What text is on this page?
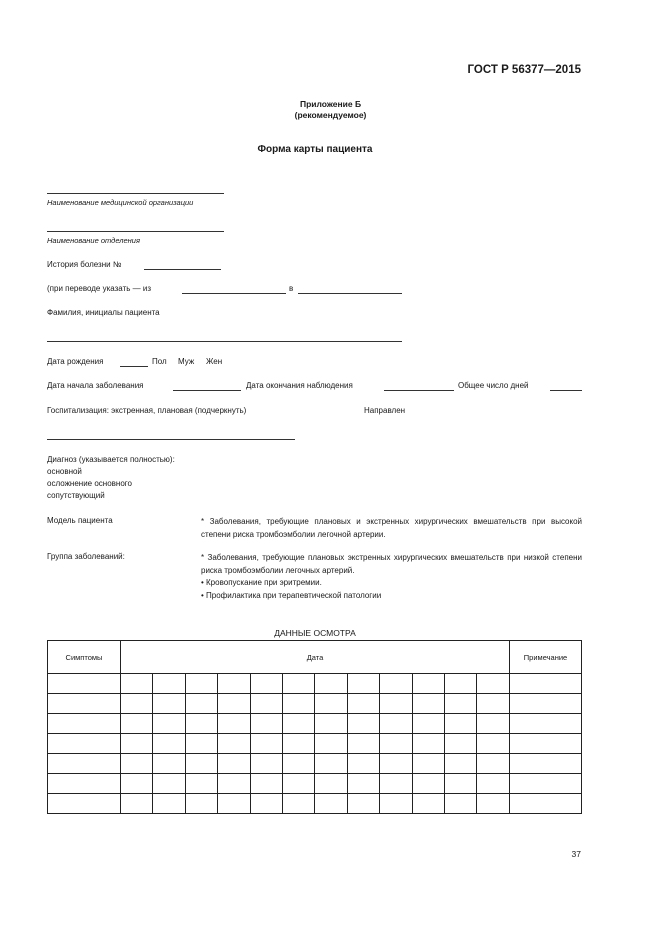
ГОСТ Р 56377—2015
Приложение Б
(рекомендуемое)
Форма карты пациента
Наименование медицинской организации
Наименование отделения
История болезни №
(при переводе указать — из	в
Фамилия, инициалы пациента
Дата рождения	Пол Муж Жен
Дата начала заболевания	Дата окончания наблюдения	Общее число дней
Госпитализация: экстренная, плановая (подчеркнуть)	Направлен
Диагноз (указывается полностью):
основной
осложнение основного
сопутствующий
Модель пациента	* Заболевания, требующие плановых и экстренных хирургических вмешательств при высокой степени риска тромбоэмболии легочной артерии.
Группа заболеваний:	* Заболевания, требующие плановых экстренных хирургических вмешательств при низкой степени риска тромбоэмболии легочных артерий.
• Кровопускание при эритремии.
• Профилактика при терапевтической патологии
ДАННЫЕ ОСМОТРА
Симптомы	Дата												Примечание

37
